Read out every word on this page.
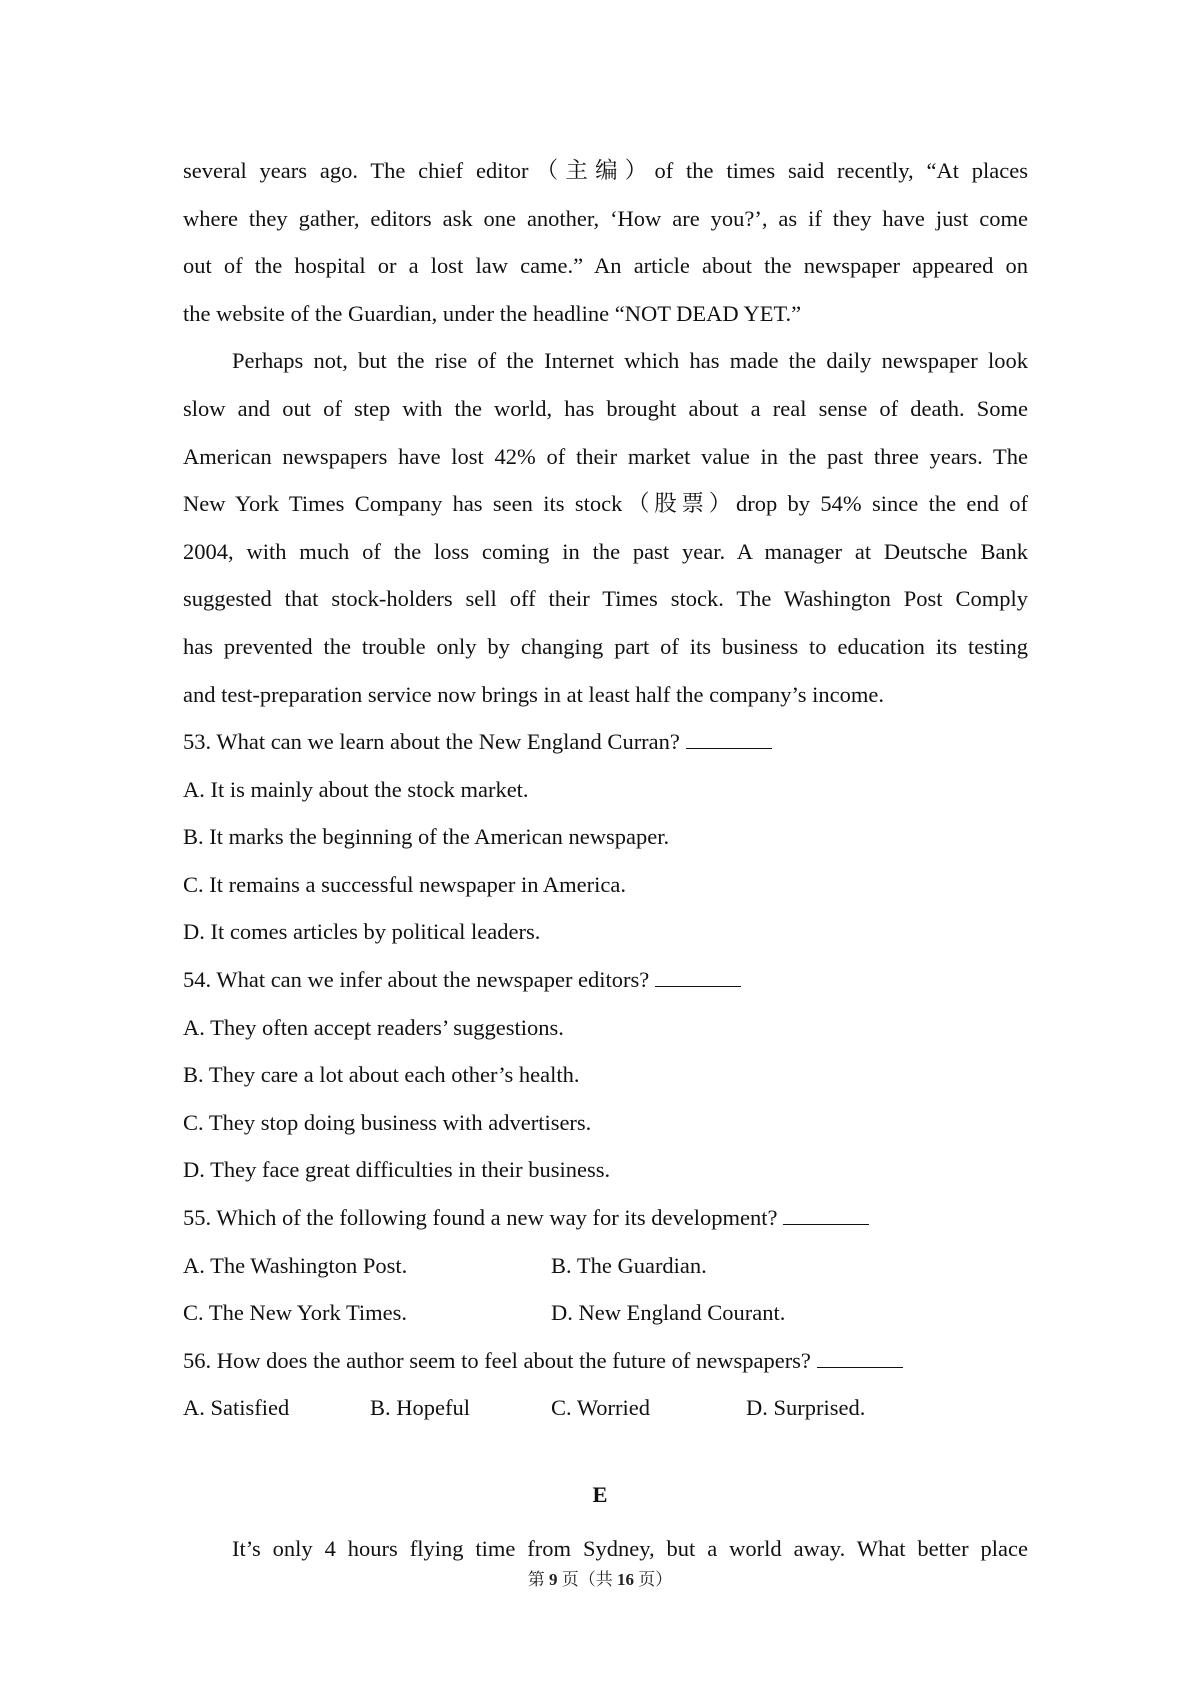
several years ago. The chief editor（主编）of the times said recently, “At places
where they gather, editors ask one another, ‘How are you?’, as if they have just come
out of the hospital or a lost law came.” An article about the newspaper appeared on
the website of the Guardian, under the headline “NOT DEAD YET.”
Perhaps not, but the rise of the Internet which has made the daily newspaper look
slow and out of step with the world, has brought about a real sense of death. Some
American newspapers have lost 42% of their market value in the past three years. The
New York Times Company has seen its stock（股票）drop by 54% since the end of
2004, with much of the loss coming in the past year. A manager at Deutsche Bank
suggested that stock-holders sell off their Times stock. The Washington Post Comply
has prevented the trouble only by changing part of its business to education its testing
and test-preparation service now brings in at least half the company’s income.
53. What can we learn about the New England Curran?
A. It is mainly about the stock market.
B. It marks the beginning of the American newspaper.
C. It remains a successful newspaper in America.
D. It comes articles by political leaders.
54. What can we infer about the newspaper editors?
A. They often accept readers’ suggestions.
B. They care a lot about each other’s health.
C. They stop doing business with advertisers.
D. They face great difficulties in their business.
55. Which of the following found a new way for its development?
A. The Washington Post.	B. The Guardian.
C. The New York Times.	D. New England Courant.
56. How does the author seem to feel about the future of newspapers?
A. Satisfied	B. Hopeful	C. Worried	D. Surprised.
E
It’s only 4 hours flying time from Sydney, but a world away. What better place
第 9 页（共 16 页）
